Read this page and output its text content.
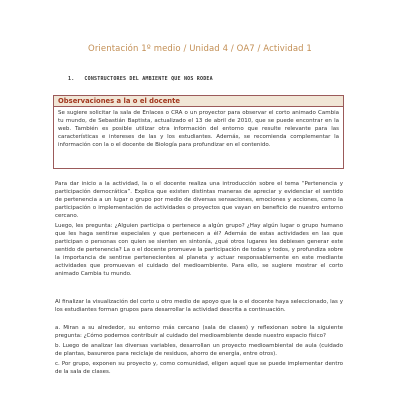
Orientación 1º medio / Unidad 4 / OA7 / Actividad 1
1. CONSTRUCTORES DEL AMBIENTE QUE NOS RODEA
Observaciones a la o el docente
Se sugiere solicitar la sala de Enlaces o CRA o un proyector para observar el corto animado Cambia tu mundo, de Sebastián Baptista, actualizado el 13 de abril de 2010, que se puede encontrar en la web. También es posible utilizar otra información del entorno que resulte relevante para las características e intereses de las y los estudiantes. Además, se recomienda complementar la información con la o el docente de Biología para profundizar en el contenido.

Para dar inicio a la actividad, la o el docente realiza una introducción sobre el tema “Pertenencia y participación democrática”. Explica que existen distintas maneras de apreciar y evidenciar el sentido de pertenencia a un lugar o grupo por medio de diversas sensaciones, emociones y acciones, como la participación o implementación de actividades o proyectos que vayan en beneficio de nuestro entorno cercano.

Luego, les pregunta: ¿Alguien participa o pertenece a algún grupo? ¿Hay algún lugar o grupo humano que les haga sentirse especiales y que pertenecen a él? Además de estas actividades en las que participan o personas con quien se sienten en sintonía, ¿qué otros lugares les debiesen generar este sentido de pertenencia? La o el docente promueve la participación de todas y todos, y profundiza sobre la importancia de sentirse pertenecientes al planeta y actuar responsablemente en este mediante actividades que promuevan el cuidado del medioambiente. Para ello, se sugiere mostrar el corto animado Cambia tu mundo.

Al finalizar la visualización del corto u otro medio de apoyo que la o el docente haya seleccionado, las y los estudiantes forman grupos para desarrollar la actividad descrita a continuación.

a. Miran a su alrededor, su entorno más cercano (sala de clases) y reflexionan sobre la siguiente pregunta: ¿Cómo podemos contribuir al cuidado del medioambiente desde nuestro espacio físico?

b. Luego de analizar las diversas variables, desarrollan un proyecto medioambiental de aula (cuidado de plantas, basureros para reciclaje de residuos, ahorro de energía, entre otros).

c. Por grupo, exponen su proyecto y, como comunidad, eligen aquel que se puede implementar dentro de la sala de clases.
